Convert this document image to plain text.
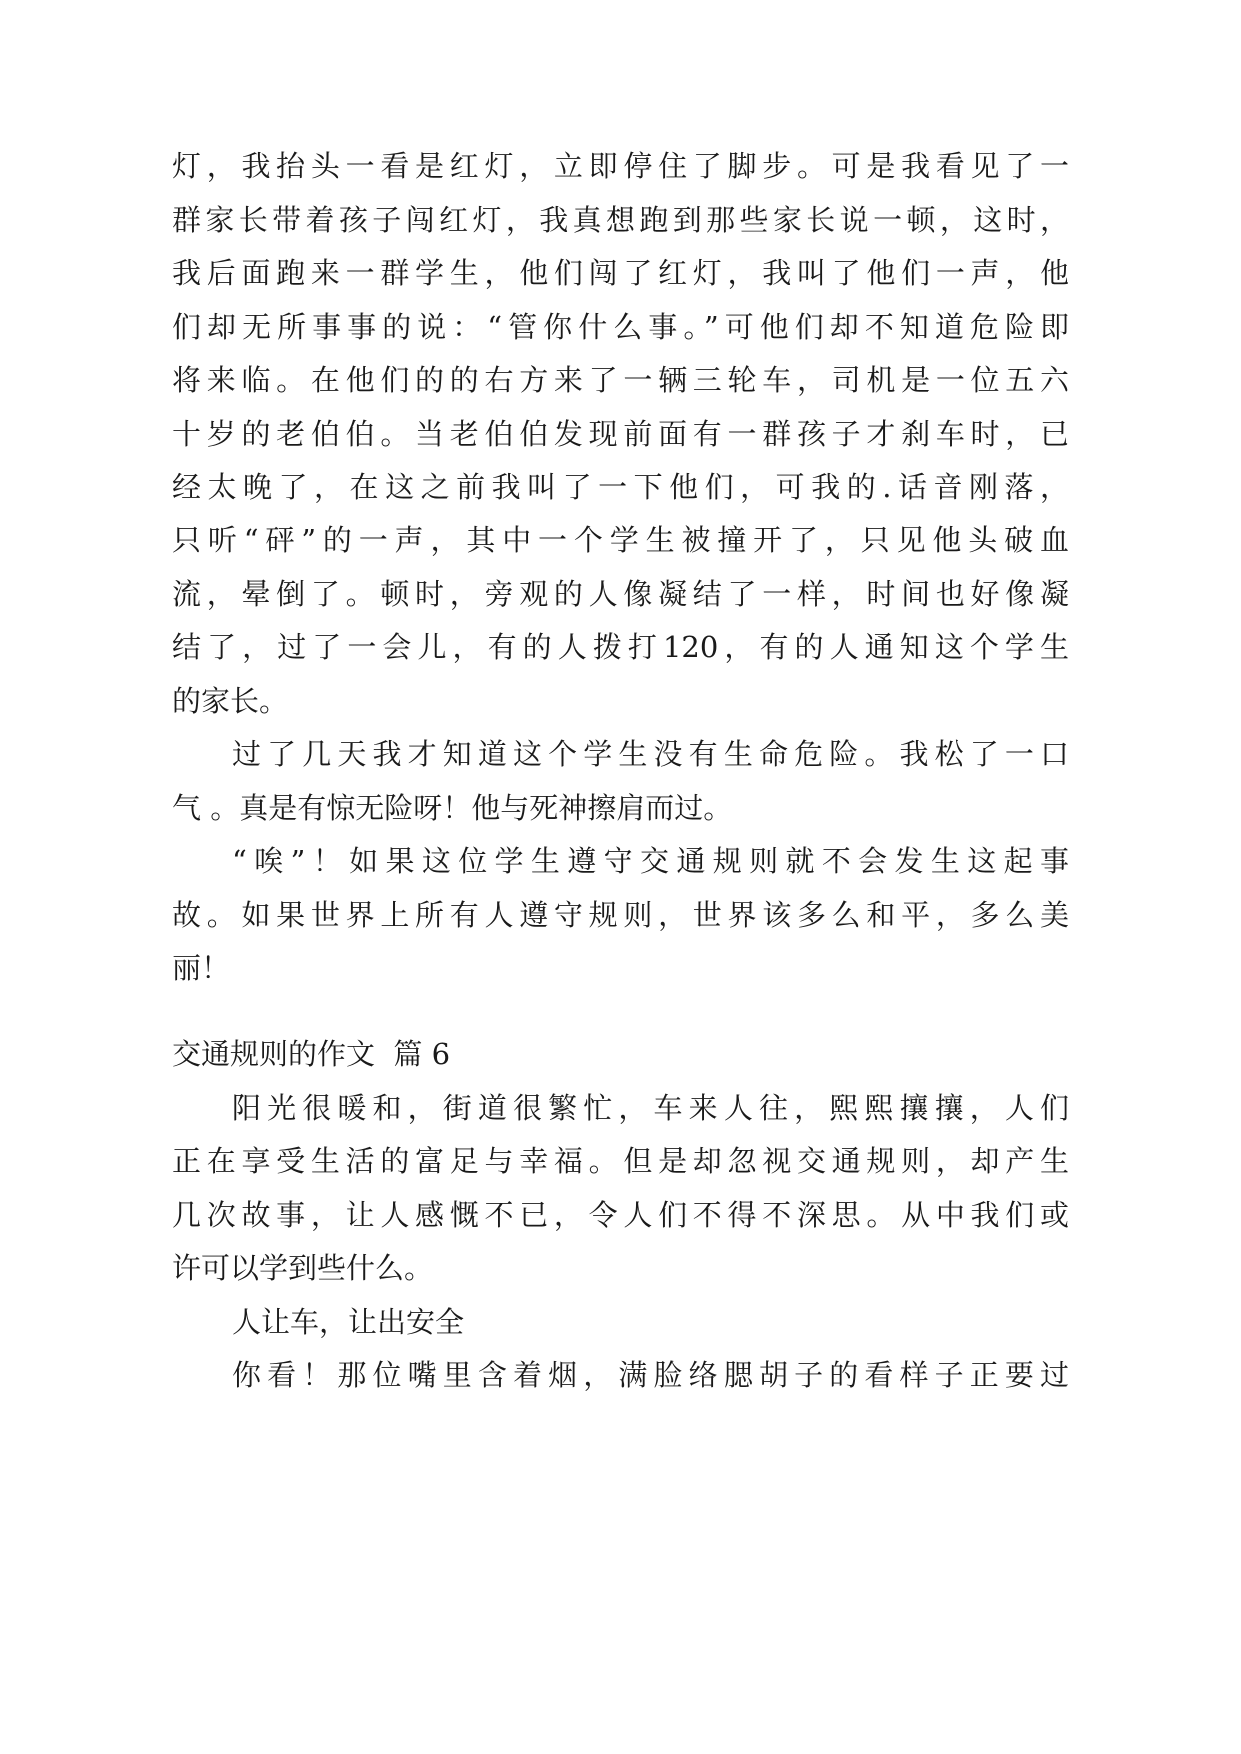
灯，我抬头一看是红灯，立即停住了脚步。可是我看见了一

群家长带着孩子闯红灯，我真想跑到那些家长说一顿，这时，

我后面跑来一群学生，他们闯了红灯，我叫了他们一声，他

们却无所事事的说：“管你什么事。”可他们却不知道危险即

将来临。在他们的的右方来了一辆三轮车，司机是一位五六

十岁的老伯伯。当老伯伯发现前面有一群孩子才刹车时，已

经太晚了，在这之前我叫了一下他们，可我的.话音刚落，

只听“砰”的一声，其中一个学生被撞开了，只见他头破血

流，晕倒了。顿时，旁观的人像凝结了一样，时间也好像凝

结了，过了一会儿，有的人拨打120，有的人通知这个学生

的家长。

过了几天我才知道这个学生没有生命危险。我松了一口

气 。真是有惊无险呀！他与死神擦肩而过。

“唉”！如果这位学生遵守交通规则就不会发生这起事

故。如果世界上所有人遵守规则，世界该多么和平，多么美

丽！

交通规则的作文  篇 6

阳光很暖和，街道很繁忙，车来人往，熙熙攘攘，人们

正在享受生活的富足与幸福。但是却忽视交通规则，却产生

几次故事，让人感慨不已，令人们不得不深思。从中我们或

许可以学到些什么。

人让车，让出安全

你看！那位嘴里含着烟，满脸络腮胡子的看样子正要过
